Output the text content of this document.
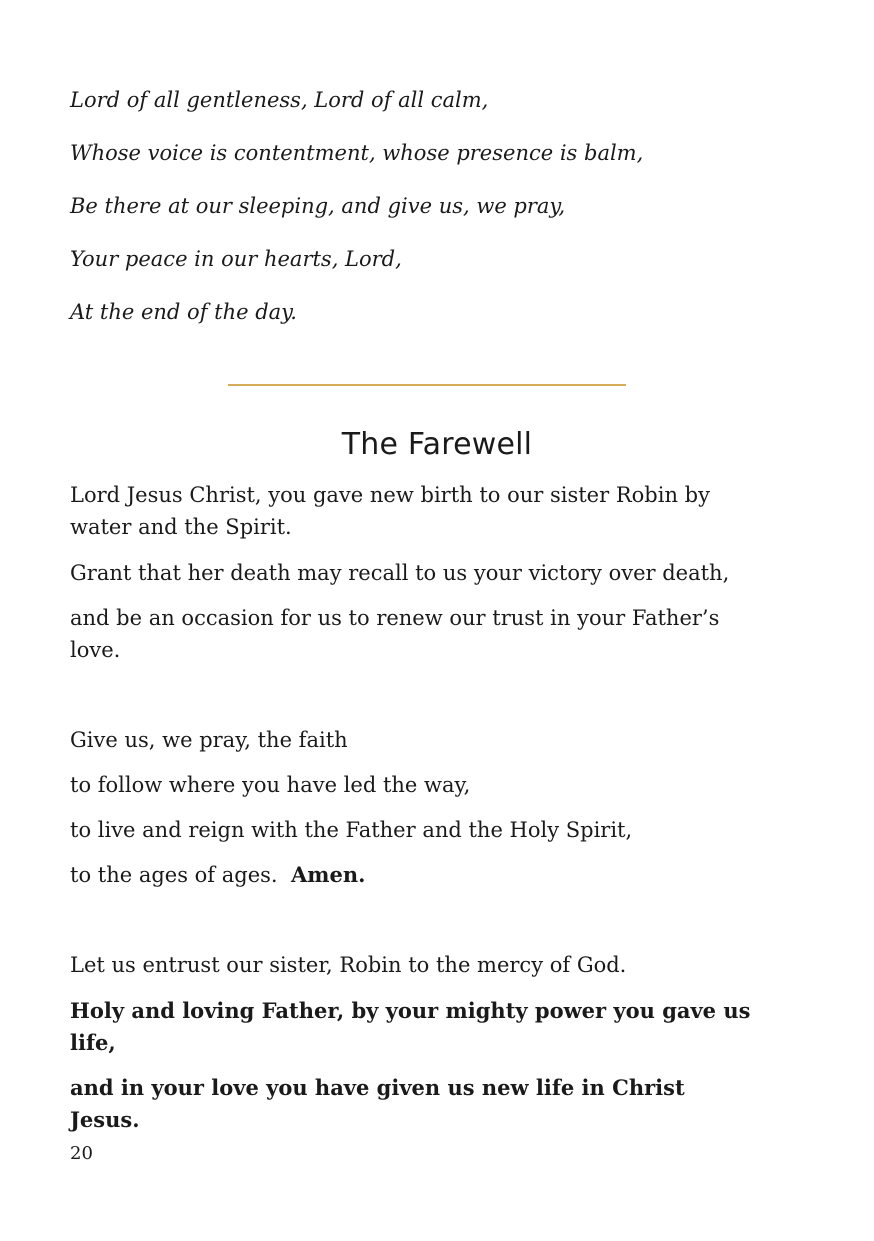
Lord of all gentleness, Lord of all calm,

Whose voice is contentment, whose presence is balm,

Be there at our sleeping, and give us, we pray,

Your peace in our hearts, Lord,

At the end of the day.

The Farewell

Lord Jesus Christ, you gave new birth to our sister Robin by water and the Spirit.

Grant that her death may recall to us your victory over death,

and be an occasion for us to renew our trust in your Father’s love.

Give us, we pray, the faith

to follow where you have led the way,

to live and reign with the Father and the Holy Spirit,

to the ages of ages. Amen.

Let us entrust our sister, Robin to the mercy of God.

Holy and loving Father, by your mighty power you gave us life,

and in your love you have given us new life in Christ Jesus.

20
